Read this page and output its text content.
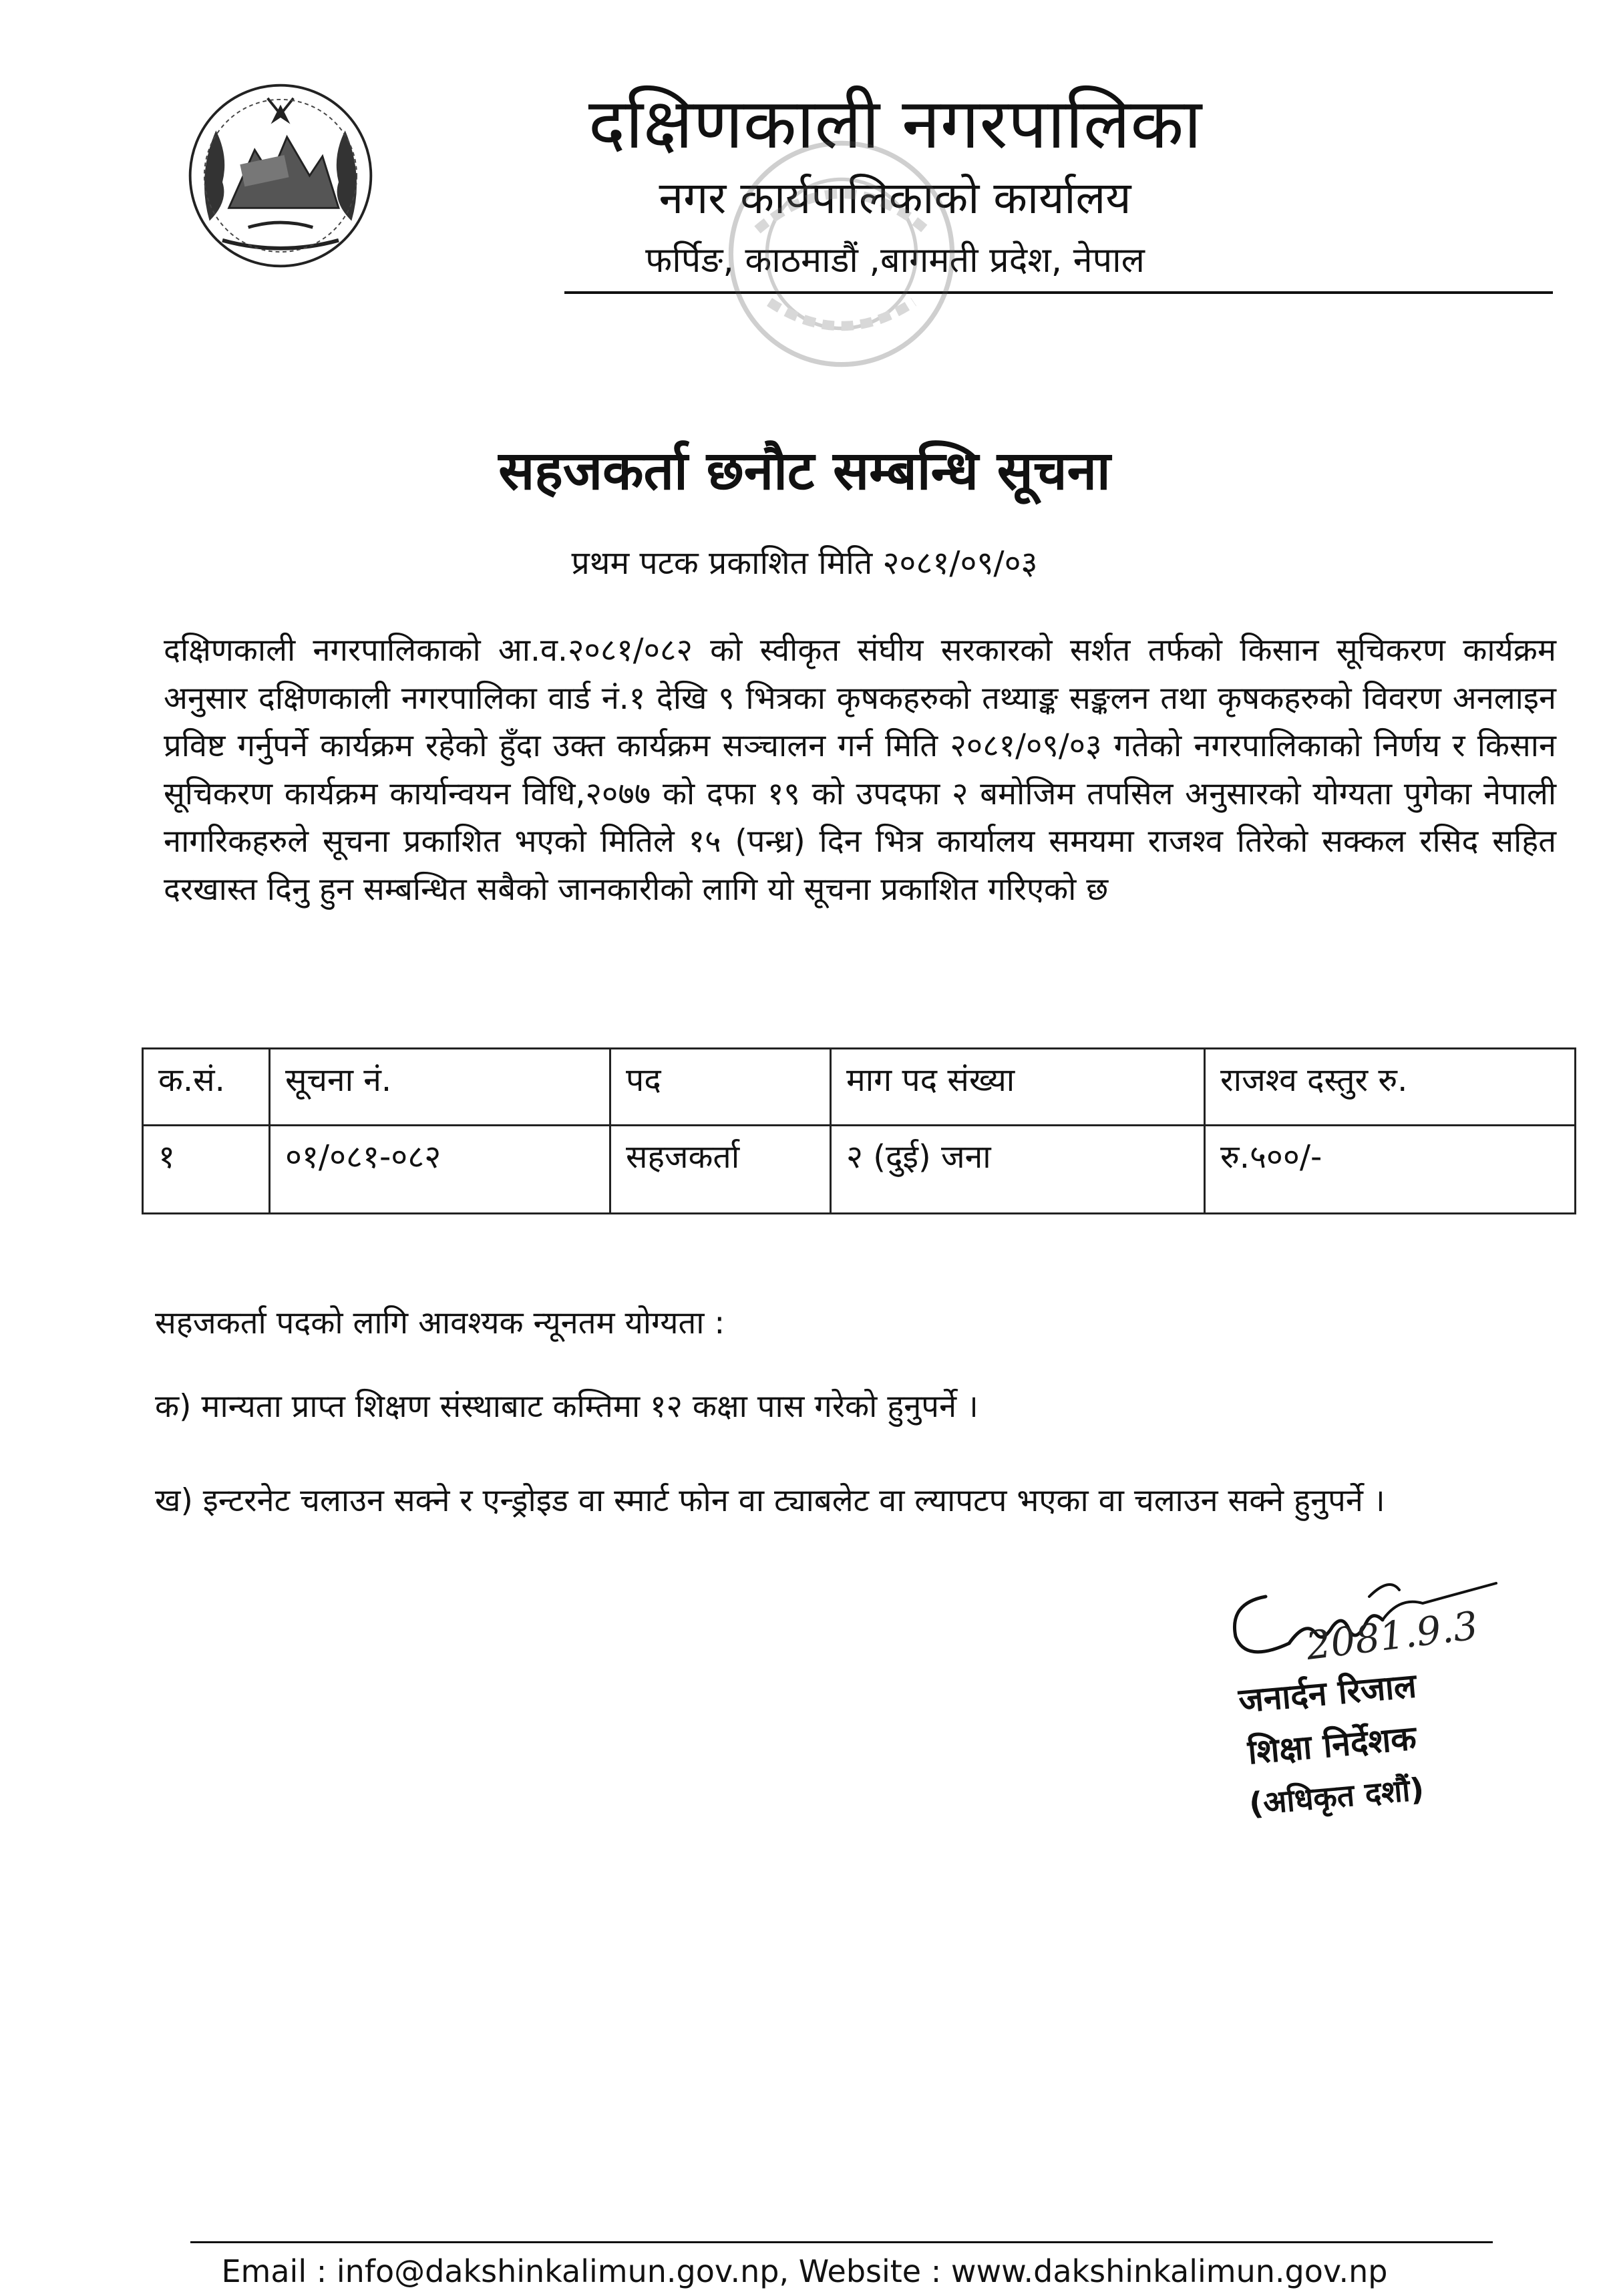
दक्षिणकाली नगरपालिका
नगर कार्यपालिकाको कार्यालय
फर्पिङ, काठमाडौं ,बागमती प्रदेश, नेपाल
सहजकर्ता छनौट सम्बन्धि सूचना
प्रथम पटक प्रकाशित मिति २०८१/०९/०३
दक्षिणकाली नगरपालिकाको आ.व.२०८१/०८२ को स्वीकृत संघीय सरकारको सर्शत तर्फको किसान सूचिकरण कार्यक्रम अनुसार दक्षिणकाली नगरपालिका वार्ड नं.१ देखि ९ भित्रका कृषकहरुको तथ्याङ्क सङ्कलन तथा कृषकहरुको विवरण अनलाइन प्रविष्ट गर्नुपर्ने कार्यक्रम रहेको हुँदा उक्त कार्यक्रम सञ्चालन गर्न मिति २०८१/०९/०३ गतेको नगरपालिकाको निर्णय र किसान सूचिकरण कार्यक्रम कार्यान्वयन विधि,२०७७ को दफा १९ को उपदफा २ बमोजिम तपसिल अनुसारको योग्यता पुगेका नेपाली नागरिकहरुले सूचना प्रकाशित भएको मितिले १५ (पन्ध्र) दिन भित्र कार्यालय समयमा राजश्व तिरेको सक्कल रसिद सहित दरखास्त दिनु हुन सम्बन्धित सबैको जानकारीको लागि यो सूचना प्रकाशित गरिएको छ
क.सं.	सूचना नं.	पद	माग पद संख्या	राजश्व दस्तुर रु.
१	०१/०८१-०८२	सहजकर्ता	२ (दुई) जना	रु.५००/-
सहजकर्ता पदको लागि आवश्यक न्यूनतम योग्यता :
क) मान्यता प्राप्त शिक्षण संस्थाबाट कम्तिमा १२ कक्षा पास गरेको हुनुपर्ने ।
ख) इन्टरनेट चलाउन सक्ने र एन्ड्रोइड वा स्मार्ट फोन वा ट्याबलेट वा ल्यापटप भएका वा चलाउन सक्ने हुनुपर्ने ।
2081.9.3
जनार्दन रिजाल
शिक्षा निर्देशक
(अधिकृत दशौं)
Email : info@dakshinkalimun.gov.np, Website : www.dakshinkalimun.gov.np
